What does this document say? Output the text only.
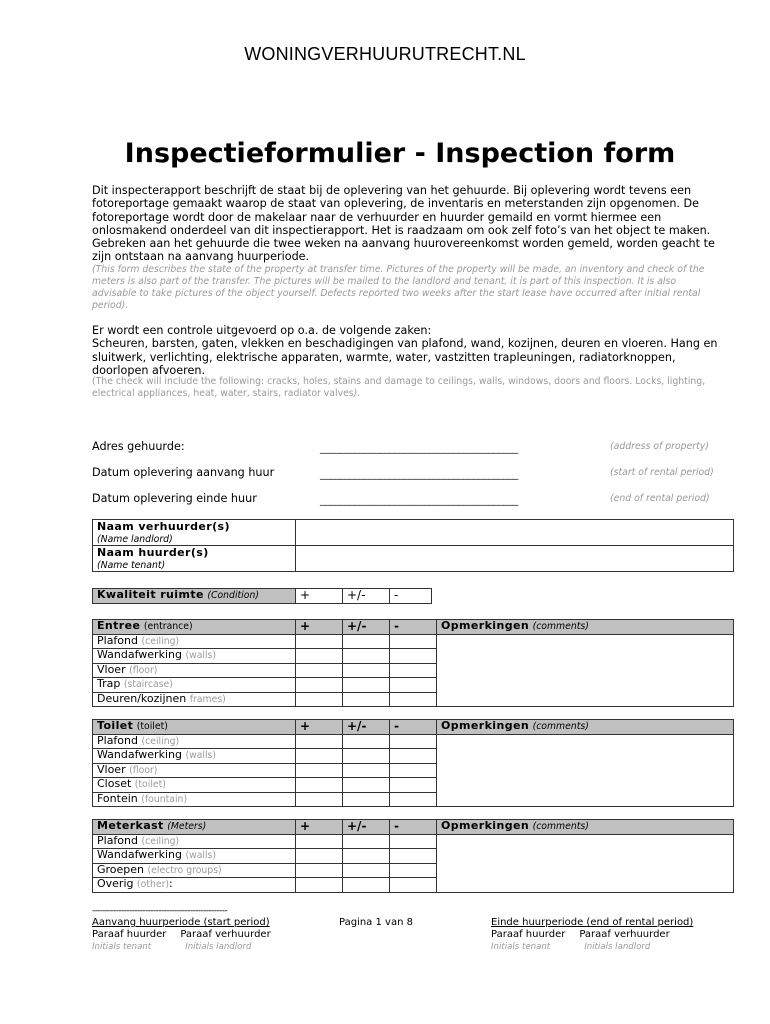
WONINGVERHUURUTRECHT.NL
Inspectieformulier - Inspection form
Dit inspecterapport beschrijft de staat bij de oplevering van het gehuurde. Bij oplevering wordt tevens een fotoreportage gemaakt waarop de staat van oplevering, de inventaris en meterstanden zijn opgenomen. De fotoreportage wordt door de makelaar naar de verhuurder en huurder gemaild en vormt hiermee een onlosmakend onderdeel van dit inspectierapport. Het is raadzaam om ook zelf foto’s van het object te maken. Gebreken aan het gehuurde die twee weken na aanvang huurovereenkomst worden gemeld, worden geacht te zijn ontstaan na aanvang huurperiode.
(This form describes the state of the property at transfer time. Pictures of the property will be made, an inventory and check of the meters is also part of the transfer. The pictures will be mailed to the landlord and tenant, it is part of this inspection. It is also advisable to take pictures of the object yourself. Defects reported two weeks after the start lease have occurred after initial rental period).
Er wordt een controle uitgevoerd op o.a. de volgende zaken:
Scheuren, barsten, gaten, vlekken en beschadigingen van plafond, wand, kozijnen, deuren en vloeren. Hang en sluitwerk, verlichting, elektrische apparaten, warmte, water, vastzitten trapleuningen, radiatorknoppen, doorlopen afvoeren.
(The check will include the following: cracks, holes, stains and damage to ceilings, walls, windows, doors and floors. Locks, lighting, electrical appliances, heat, water, stairs, radiator valves).
Adres gehuurde:	________________________________________	(address of property)
Datum oplevering aanvang huur	________________________________________	(start of rental period)
Datum oplevering einde huur	________________________________________	(end of rental period)
Naam verhuurder(s)
(Name landlord)	

Naam huurder(s)
(Name tenant)	

Kwaliteit ruimte (Condition)	+	+/-	-
Entree (entrance)	+	+/-	-	Opmerkingen (comments)
Plafond (ceiling)				
Wandafwerking (walls)				
Vloer (floor)				
Trap (staircase)				
Deuren/kozijnen frames)				
Toilet (toilet)	+	+/-	-	Opmerkingen (comments)
Plafond (ceiling)				
Wandafwerking (walls)				
Vloer (floor)				
Closet (toilet)				
Fontein (fountain)				
Meterkast (Meters)	+	+/-	-	Opmerkingen (comments)
Plafond (ceiling)				
Wandafwerking (walls)				
Groepen (electro groups)				
Overig (other):				
---------------------------------------------------
Aanvang huurperiode (start period)
Paraaf huurder Paraaf verhuurder
Initials tenant	Initials landlord
Pagina 1 van 8	Einde huurperiode (end of rental period)
Paraaf huurder Paraaf verhuurder
Initials tenant	Initials landlord
